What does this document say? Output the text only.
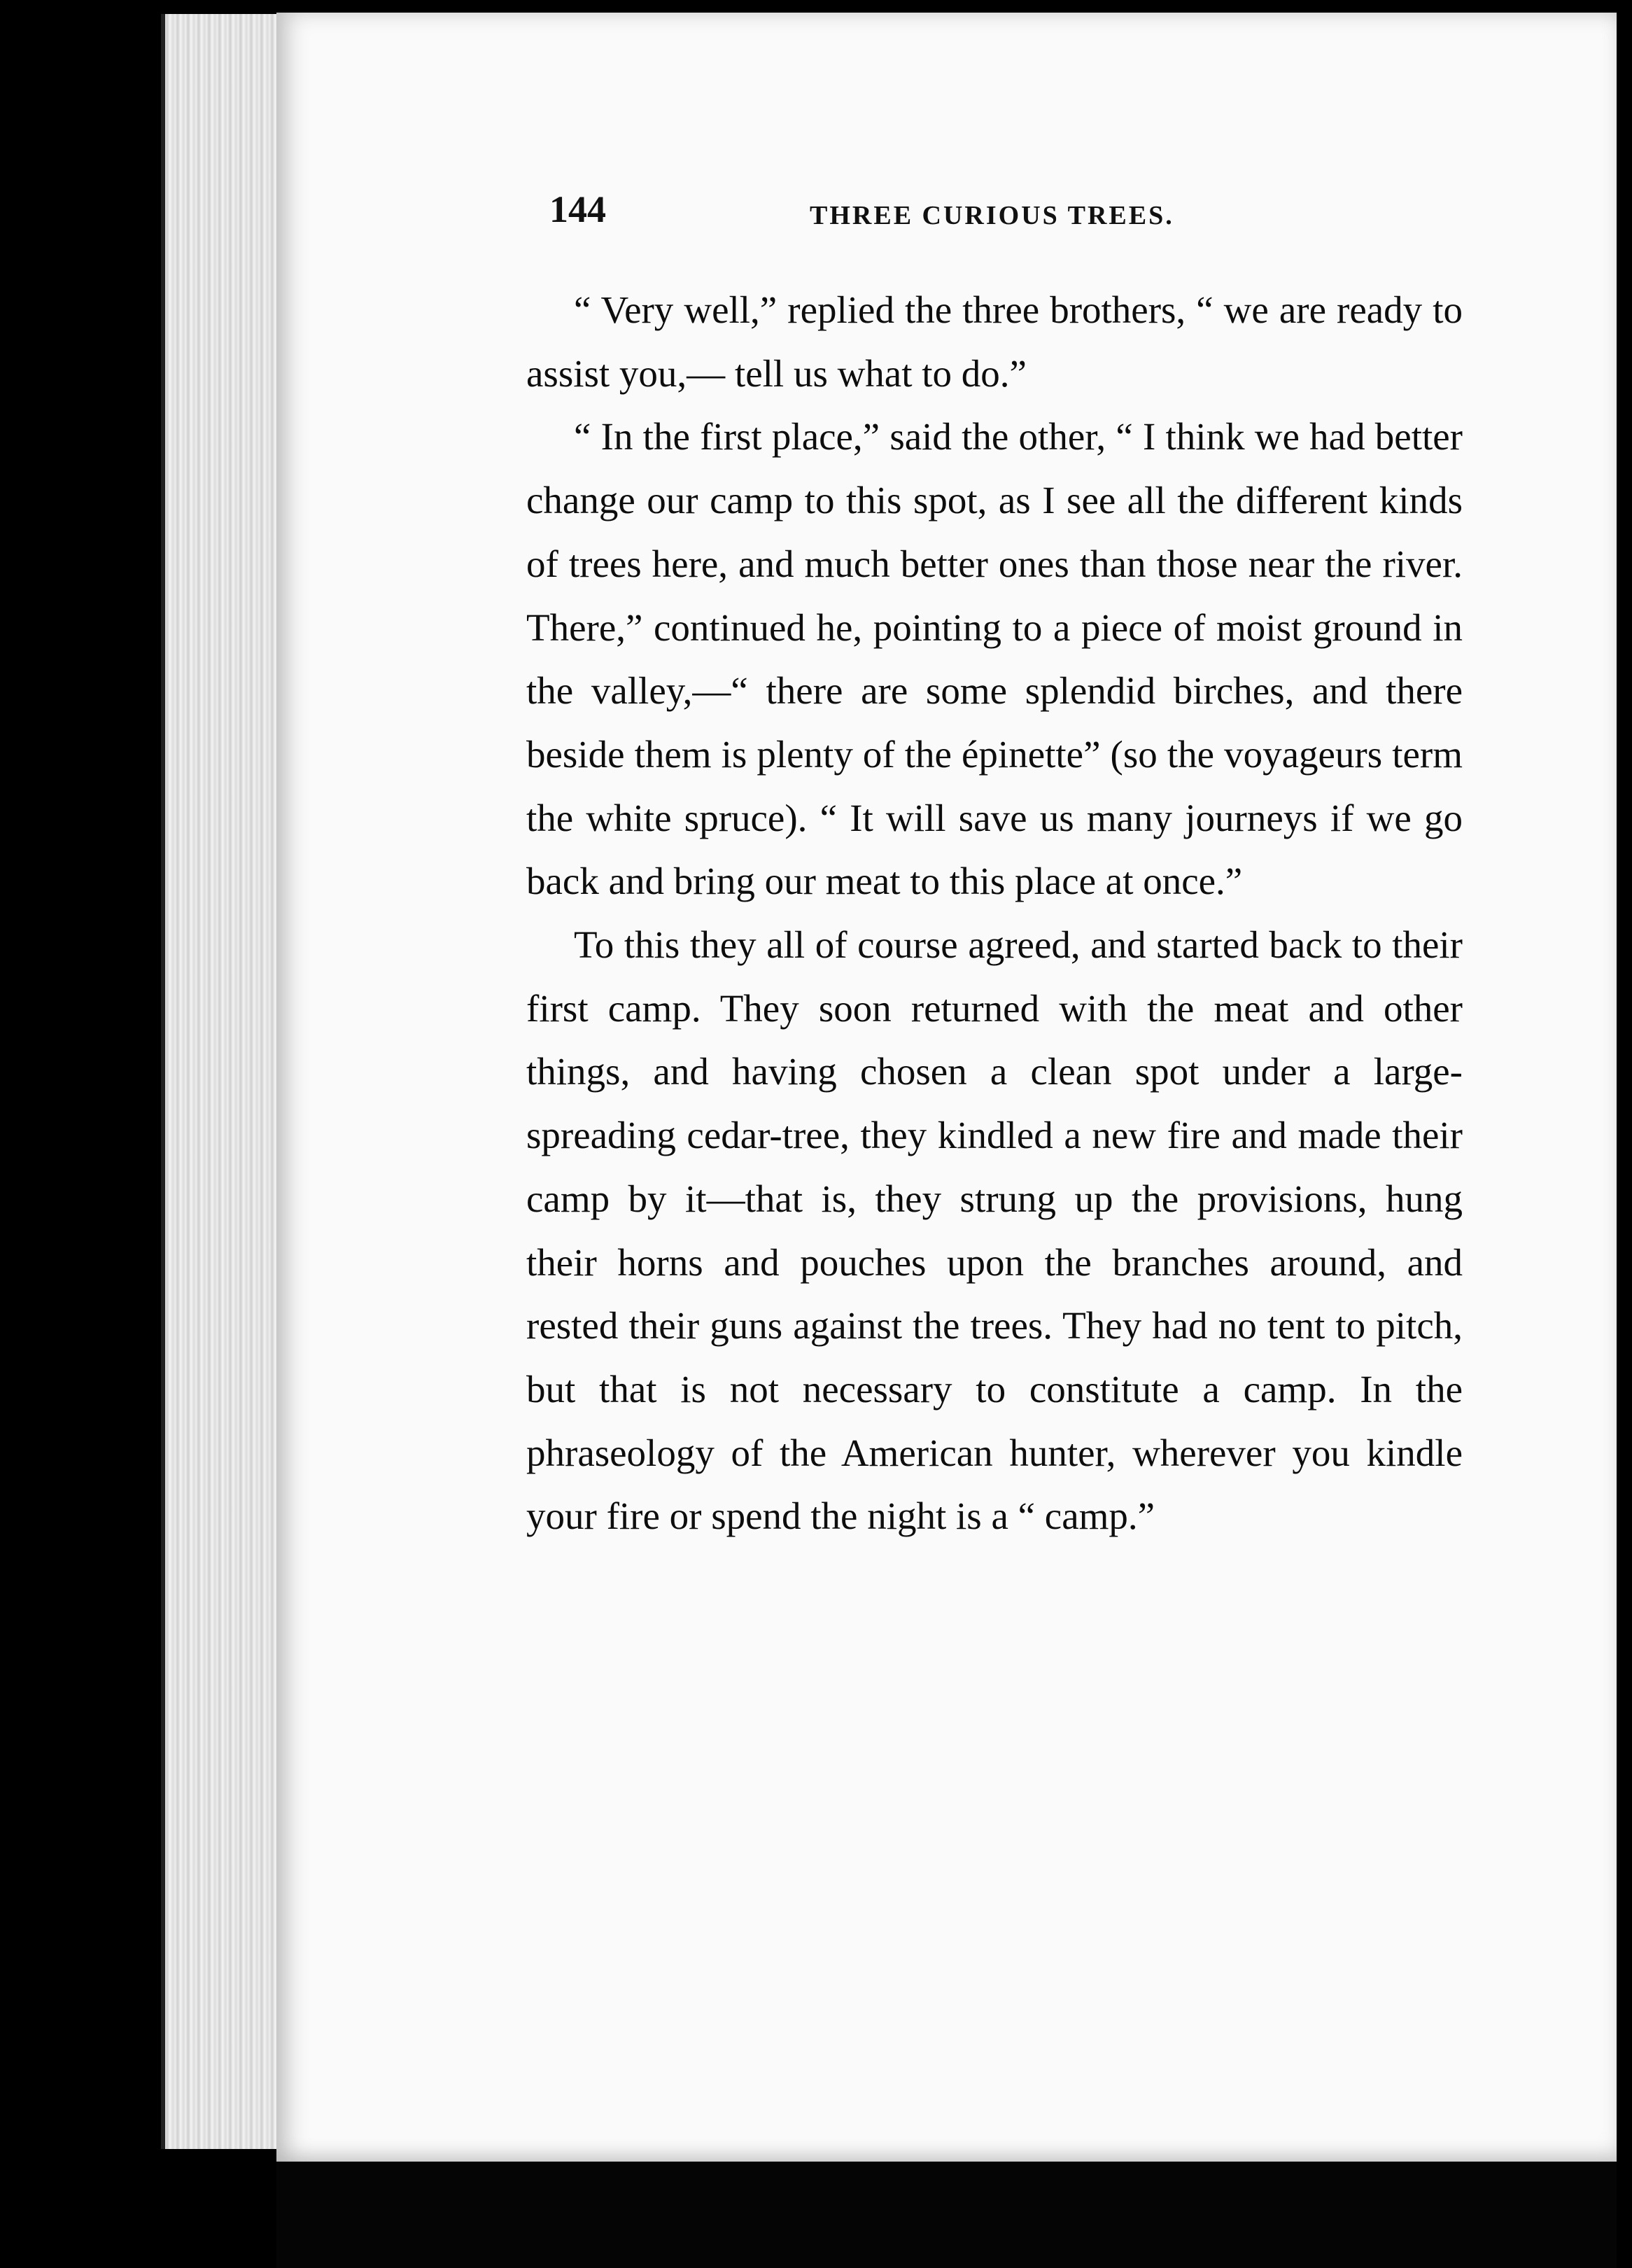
144	THREE CURIOUS TREES.

“ Very well,” replied the three brothers, “ we are ready to assist you,— tell us what to do.”

“ In the first place,” said the other, “ I think we had better change our camp to this spot, as I see all the different kinds of trees here, and much better ones than those near the river. There,” continued he, pointing to a piece of moist ground in the valley,—“ there are some splendid birches, and there beside them is plenty of the épinette” (so the voyageurs term the white spruce). “ It will save us many journeys if we go back and bring our meat to this place at once.”

To this they all of course agreed, and started back to their first camp. They soon returned with the meat and other things, and having chosen a clean spot under a large-spreading cedar-tree, they kindled a new fire and made their camp by it—that is, they strung up the provisions, hung their horns and pouches upon the branches around, and rested their guns against the trees. They had no tent to pitch, but that is not necessary to constitute a camp. In the phraseology of the American hunter, wherever you kindle your fire or spend the night is a “ camp.”
